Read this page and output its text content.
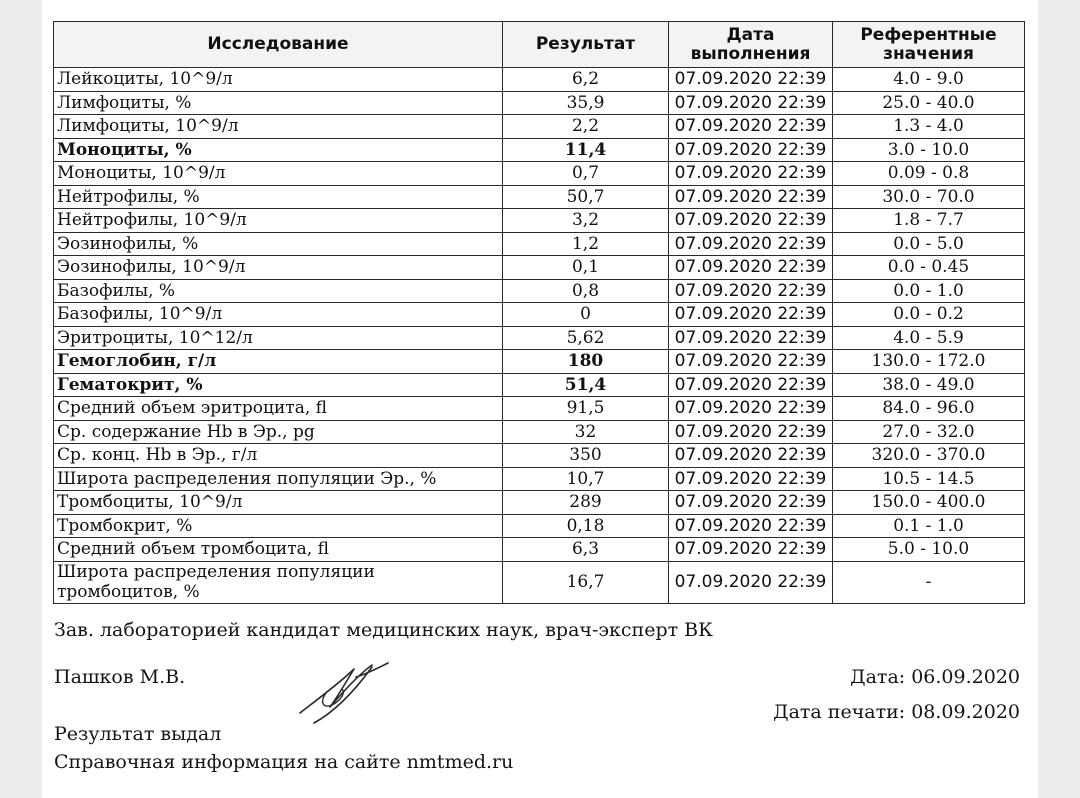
Исследование	Результат	Дата выполнения	Референтные значения
Лейкоциты, 10^9/л	6,2	07.09.2020 22:39	4.0 - 9.0
Лимфоциты, %	35,9	07.09.2020 22:39	25.0 - 40.0
Лимфоциты, 10^9/л	2,2	07.09.2020 22:39	1.3 - 4.0
Моноциты, %	11,4	07.09.2020 22:39	3.0 - 10.0
Моноциты, 10^9/л	0,7	07.09.2020 22:39	0.09 - 0.8
Нейтрофилы, %	50,7	07.09.2020 22:39	30.0 - 70.0
Нейтрофилы, 10^9/л	3,2	07.09.2020 22:39	1.8 - 7.7
Эозинофилы, %	1,2	07.09.2020 22:39	0.0 - 5.0
Эозинофилы, 10^9/л	0,1	07.09.2020 22:39	0.0 - 0.45
Базофилы, %	0,8	07.09.2020 22:39	0.0 - 1.0
Базофилы, 10^9/л	0	07.09.2020 22:39	0.0 - 0.2
Эритроциты, 10^12/л	5,62	07.09.2020 22:39	4.0 - 5.9
Гемоглобин, г/л	180	07.09.2020 22:39	130.0 - 172.0
Гематокрит, %	51,4	07.09.2020 22:39	38.0 - 49.0
Средний объем эритроцита, fl	91,5	07.09.2020 22:39	84.0 - 96.0
Ср. содержание Hb в Эр., pg	32	07.09.2020 22:39	27.0 - 32.0
Ср. конц. Hb в Эр., г/л	350	07.09.2020 22:39	320.0 - 370.0
Широта распределения популяции Эр., %	10,7	07.09.2020 22:39	10.5 - 14.5
Тромбоциты, 10^9/л	289	07.09.2020 22:39	150.0 - 400.0
Тромбокрит, %	0,18	07.09.2020 22:39	0.1 - 1.0
Средний объем тромбоцита, fl	6,3	07.09.2020 22:39	5.0 - 10.0
Широта распределения популяции тромбоцитов, %	16,7	07.09.2020 22:39	-
Зав. лабораторией кандидат медицинских наук, врач-эксперт ВК
Пашков М.В.	Дата: 06.09.2020
Дата печати: 08.09.2020
Результат выдал
Справочная информация на сайте nmtmed.ru
